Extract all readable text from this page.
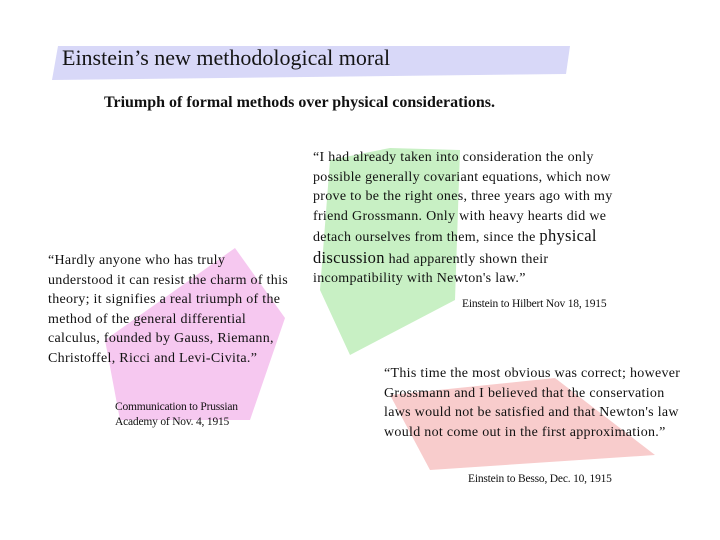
Einstein’s new methodological moral
Triumph of formal methods over physical considerations.

“Hardly anyone who has truly understood it can resist the charm of this theory; it signifies a real triumph of the method of the general differential calculus, founded by Gauss, Riemann, Christoffel, Ricci and Levi-Civita.”

Communication to Prussian Academy of Nov. 4, 1915

“I had already taken into consideration the only possible generally covariant equations, which now prove to be the right ones, three years ago with my friend Grossmann. Only with heavy hearts did we detach ourselves from them, since the physical discussion had apparently shown their incompatibility with Newton's law.”

Einstein to Hilbert Nov 18, 1915

“This time the most obvious was correct; however Grossmann and I believed that the conservation laws would not be satisfied and that Newton's law would not come out in the first approximation.”

Einstein to Besso, Dec. 10, 1915
